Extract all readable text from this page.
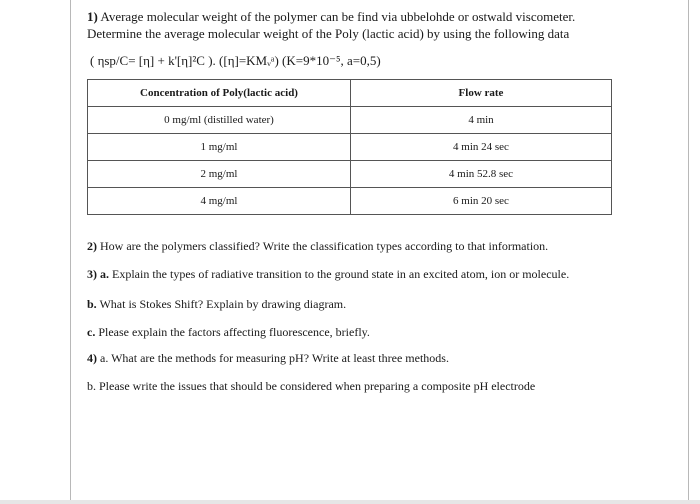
1) Average molecular weight of the polymer can be find via ubbelohde or ostwald viscometer.
Determine the average molecular weight of the Poly (lactic acid) by using the following data
( ηsp/C= [η] + k'[η]²C ). ([η]=KMᵥᵃ) (K=9*10⁻⁵, a=0,5)
Concentration of Poly(lactic acid)	Flow rate
0 mg/ml (distilled water)	4 min
1 mg/ml	4 min 24 sec
2 mg/ml	4 min 52.8 sec
4 mg/ml	6 min 20 sec
2) How are the polymers classified? Write the classification types according to that information.
3) a. Explain the types of radiative transition to the ground state in an excited atom, ion or molecule.
b. What is Stokes Shift? Explain by drawing diagram.
c. Please explain the factors affecting fluorescence, briefly.
4) a. What are the methods for measuring pH? Write at least three methods.
b. Please write the issues that should be considered when preparing a composite pH electrode
